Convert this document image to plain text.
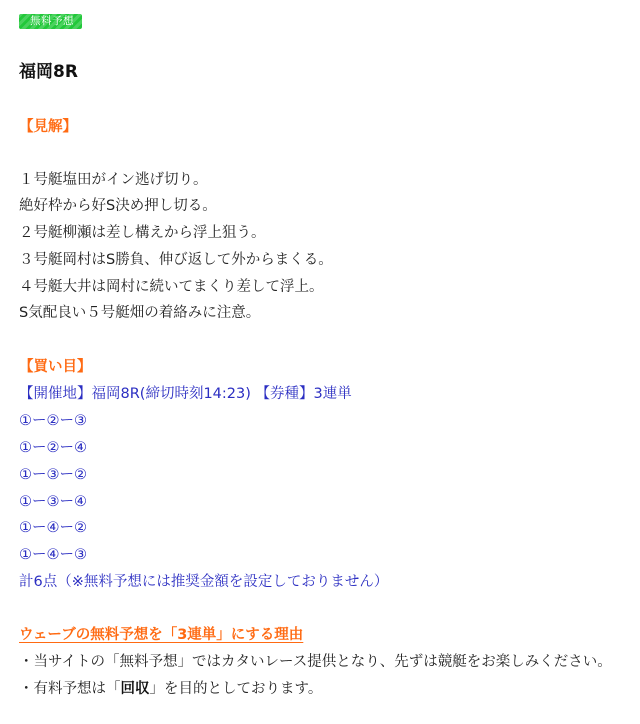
無料予想
福岡8R
【見解】
１号艇塩田がイン逃げ切り。
絶好枠から好S決め押し切る。
２号艇柳瀬は差し構えから浮上狙う。
３号艇岡村はS勝負、伸び返して外からまくる。
４号艇大井は岡村に続いてまくり差して浮上。
S気配良い５号艇畑の着絡みに注意。
【買い目】
【開催地】福岡8R(締切時刻14:23) 【券種】3連単
①ー②ー③
①ー②ー④
①ー③ー②
①ー③ー④
①ー④ー②
①ー④ー③
計6点（※無料予想には推奨金額を設定しておりません）
ウェーブの無料予想を「3連単」にする理由
・当サイトの「無料予想」ではカタいレース提供となり、先ずは競艇をお楽しみください。
・有料予想は「回収」を目的としております。
